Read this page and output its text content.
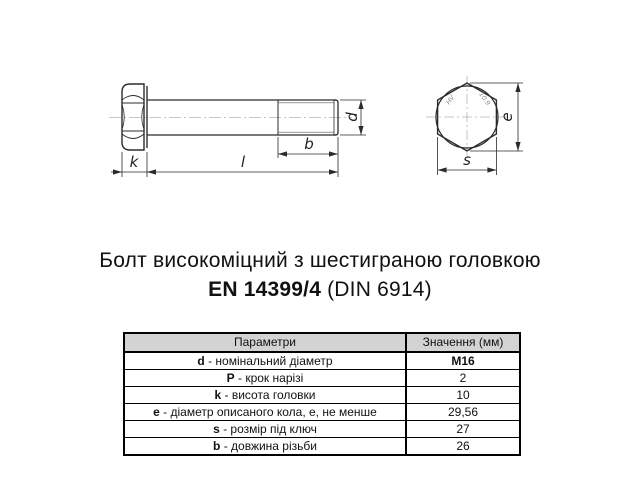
k	l
b
d
HV	10.9
e
s
Болт високоміцний з шестиграною головкою
EN 14399/4 (DIN 6914)
Параметри	Значення (мм)
d - номінальний діаметр	M16
P - крок нарізі	2
k - висота головки	10
e - діаметр описаного кола, е, не менше	29,56
s - розмір під ключ	27
b - довжина різьби	26
